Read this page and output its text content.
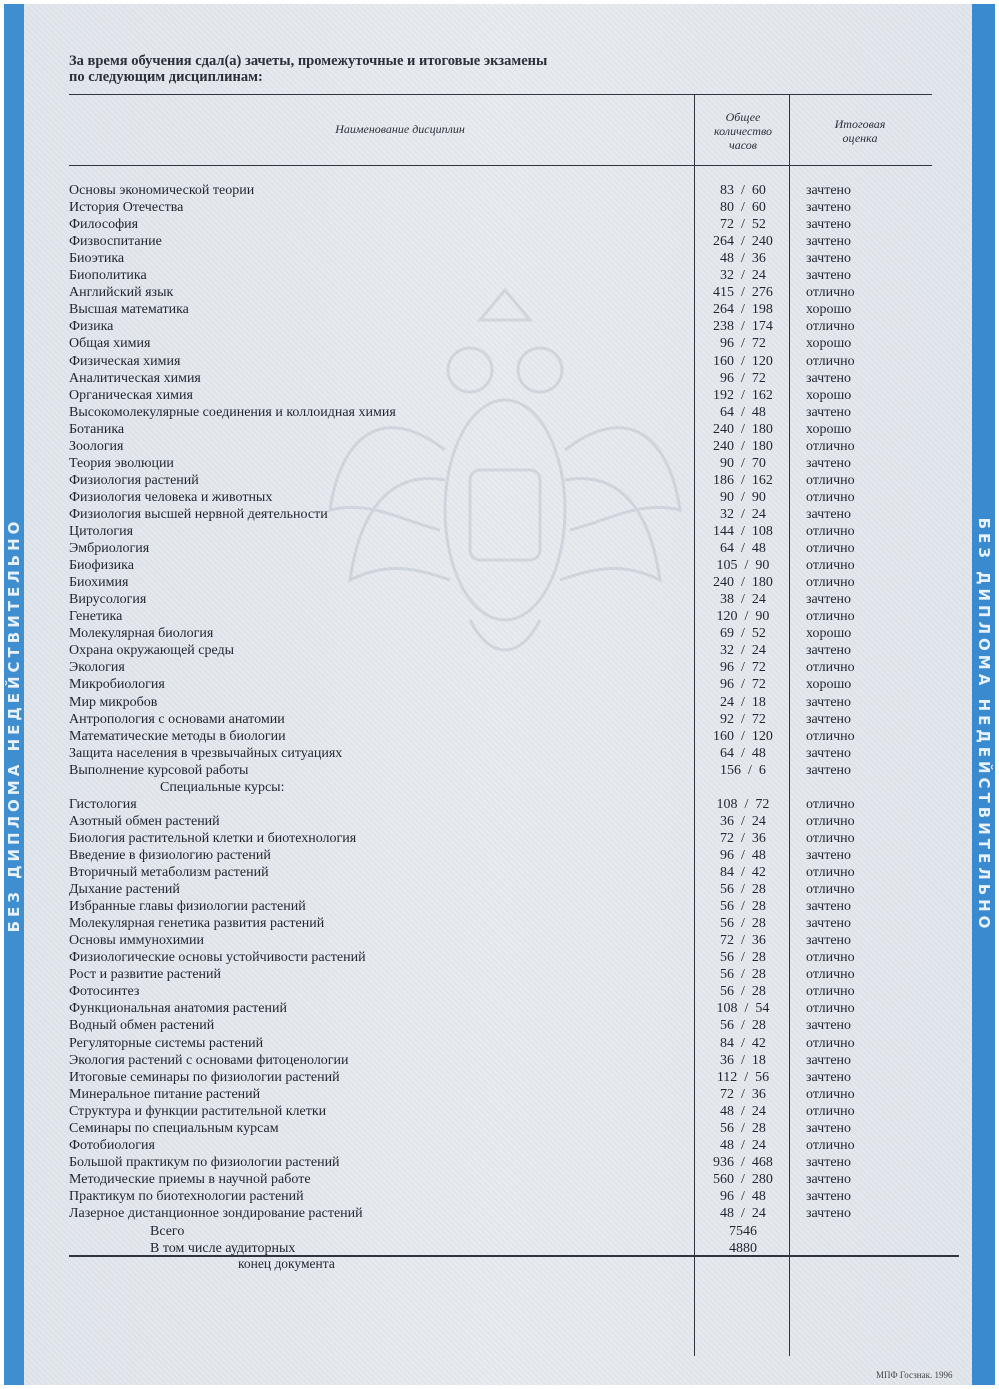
БЕЗ ДИПЛОМА НЕДЕЙСТВИТЕЛЬНО	БЕЗ ДИПЛОМА НЕДЕЙСТВИТЕЛЬНО
За время обучения сдал(а) зачеты, промежуточные и итоговые экзамены
по следующим дисциплинам:
Наименование дисциплин
Общее
количество
часов
Итоговая
оценка
Основы экономической теории	83  /  60	зачтено
История Отечества	80  /  60	зачтено
Философия	72  /  52	зачтено
Физвоспитание	264  /  240	зачтено
Биоэтика	48  /  36	зачтено
Биополитика	32  /  24	зачтено
Английский язык	415  /  276	отлично
Высшая математика	264  /  198	хорошо
Физика	238  /  174	отлично
Общая химия	96  /  72	хорошо
Физическая химия	160  /  120	отлично
Аналитическая химия	96  /  72	зачтено
Органическая химия	192  /  162	хорошо
Высокомолекулярные соединения и коллоидная химия	64  /  48	зачтено
Ботаника	240  /  180	хорошо
Зоология	240  /  180	отлично
Теория эволюции	90  /  70	зачтено
Физиология растений	186  /  162	отлично
Физиология человека и животных	90  /  90	отлично
Физиология высшей нервной деятельности	32  /  24	зачтено
Цитология	144  /  108	отлично
Эмбриология	64  /  48	отлично
Биофизика	105  /  90	отлично
Биохимия	240  /  180	отлично
Вирусология	38  /  24	зачтено
Генетика	120  /  90	отлично
Молекулярная биология	69  /  52	хорошо
Охрана окружающей среды	32  /  24	зачтено
Экология	96  /  72	отлично
Микробиология	96  /  72	хорошо
Мир микробов	24  /  18	зачтено
Антропология с основами анатомии	92  /  72	зачтено
Математические методы в биологии	160  /  120	отлично
Защита населения в чрезвычайных ситуациях	64  /  48	зачтено
Выполнение курсовой работы	156  /  6	зачтено
Гистология	108  /  72	отлично
Азотный обмен растений	36  /  24	отлично
Биология растительной клетки и биотехнология	72  /  36	отлично
Введение в физиологию растений	96  /  48	зачтено
Вторичный метаболизм растений	84  /  42	отлично
Дыхание растений	56  /  28	отлично
Избранные главы физиологии растений	56  /  28	зачтено
Молекулярная генетика развития растений	56  /  28	зачтено
Основы иммунохимии	72  /  36	зачтено
Физиологические основы устойчивости растений	56  /  28	отлично
Рост и развитие растений	56  /  28	отлично
Фотосинтез	56  /  28	отлично
Функциональная анатомия растений	108  /  54	отлично
Водный обмен растений	56  /  28	зачтено
Регуляторные системы растений	84  /  42	отлично
Экология растений с основами фитоценологии	36  /  18	зачтено
Итоговые семинары по физиологии растений	112  /  56	зачтено
Минеральное питание растений	72  /  36	отлично
Структура и функции растительной клетки	48  /  24	отлично
Семинары по специальным курсам	56  /  28	зачтено
Фотобиология	48  /  24	отлично
Большой практикум по физиологии растений	936  /  468	зачтено
Методические приемы в научной работе	560  /  280	зачтено
Практикум по биотехнологии растений	96  /  48	зачтено
Лазерное дистанционное зондирование растений	48  /  24	зачтено
Специальные курсы:
Всего	7546
В том числе аудиторных	4880
конец документа
МПФ Госзнак. 1996
